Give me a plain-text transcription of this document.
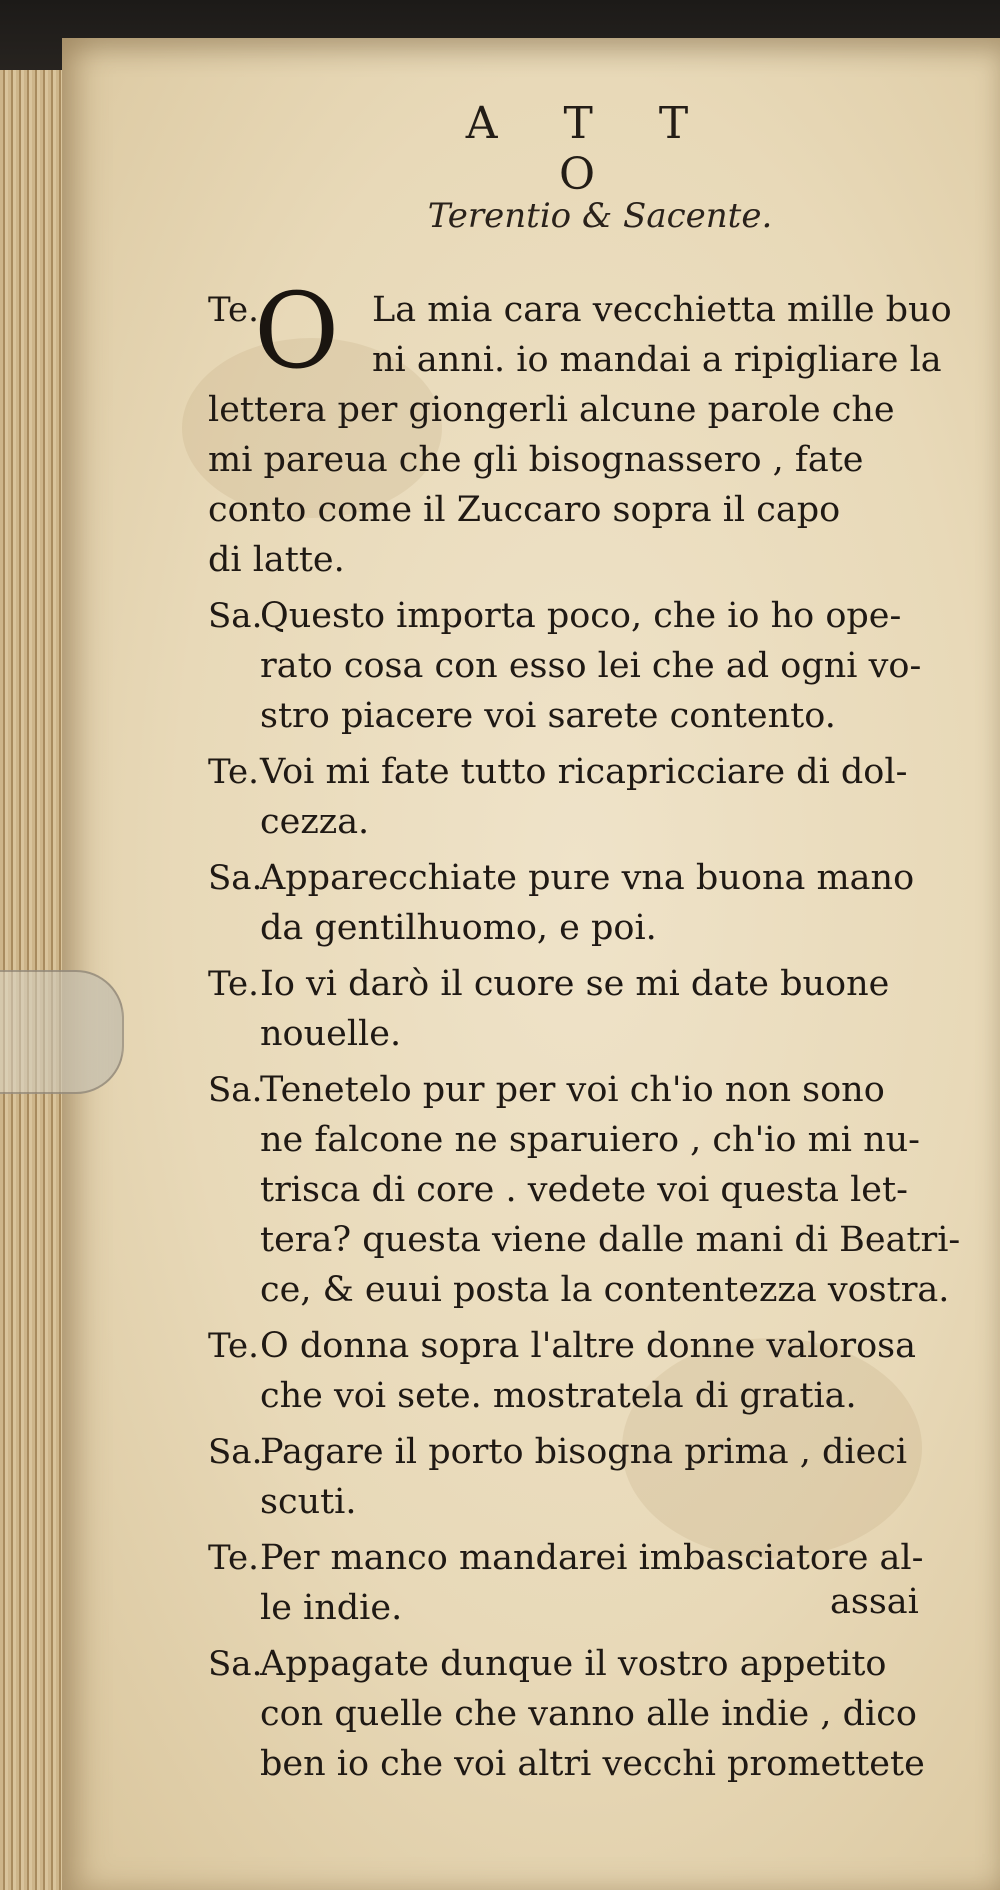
A T T O
Terentio & Sacente.
Te.
O La mia cara vecchietta mille buo
ni anni. io mandai a ripigliare la
lettera per giongerli alcune parole che
mi pareua che gli bisognassero , fate
conto come il Zuccaro sopra il capo
di latte.
Sa.
Questo importa poco, che io ho ope-
rato cosa con esso lei che ad ogni vo-
stro piacere voi sarete contento.
Te. Voi mi fate tutto ricapricciare di dol-
cezza.
Sa.
Apparecchiate pure vna buona mano
da gentilhuomo, e poi.
Te. Io vi darò il cuore se mi date buone
nouelle.
Sa.
Tenetelo pur per voi ch'io non sono
ne falcone ne sparuiero , ch'io mi nu-
trisca di core . vedete voi questa let-
tera? questa viene dalle mani di Beatri-
ce, & euui posta la contentezza vostra.
Te. O donna sopra l'altre donne valorosa
che voi sete. mostratela di gratia.
Sa.
Pagare il porto bisogna prima , dieci
scuti.
Te. Per manco mandarei imbasciatore al-
le indie.
Sa.
Appagate dunque il vostro appetito
con quelle che vanno alle indie , dico
ben io che voi altri vecchi promettete
assai
